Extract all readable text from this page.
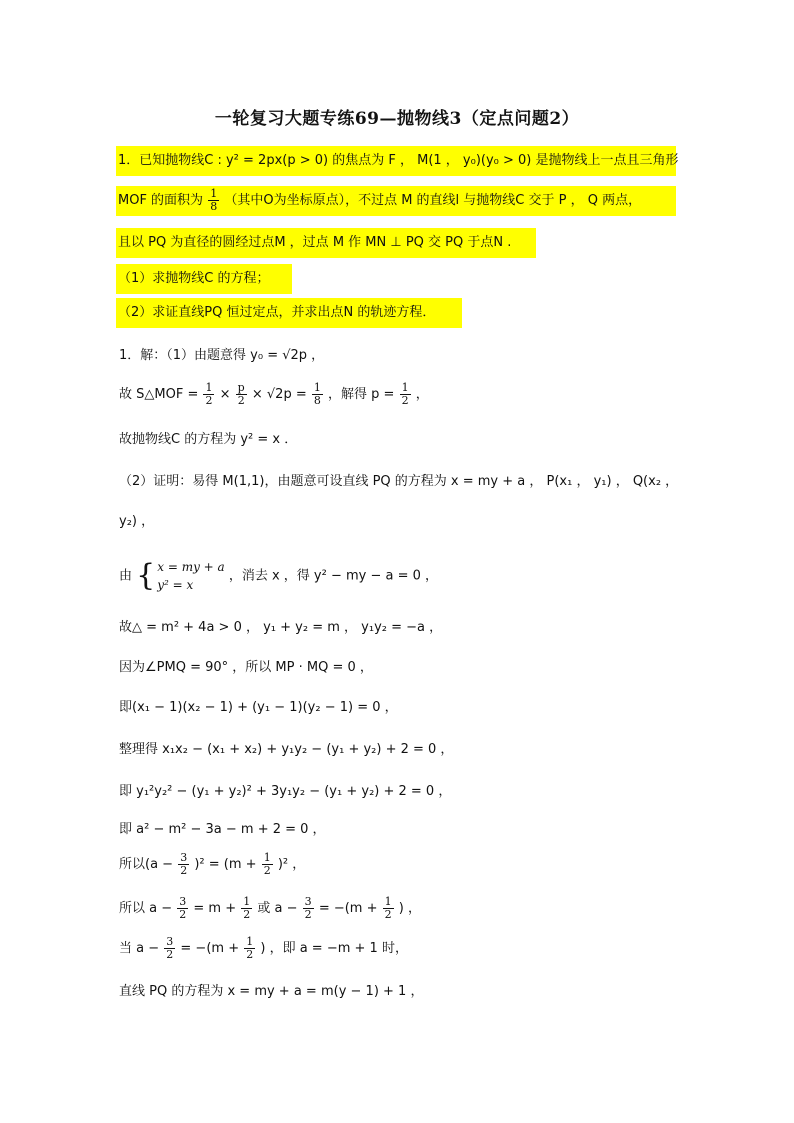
一轮复习大题专练69—抛物线3（定点问题2）
1．已知抛物线C : y² = 2px(p > 0) 的焦点为 F ， M(1 ， y₀)(y₀ > 0) 是抛物线上一点且三角形
MOF 的面积为 $\frac{1}{8}$ （其中O为坐标原点），不过点 M 的直线l 与抛物线C 交于 P ， Q 两点，
且以 PQ 为直径的圆经过点M ，过点 M 作 MN ⊥ PQ 交 PQ 于点N .
（1）求抛物线C 的方程；
（2）求证直线PQ 恒过定点，并求出点N 的轨迹方程．
1．解：（1）由题意得 y₀ = √2p ，
故 S△MOF = $\frac{1}{2} \times \frac{p}{2} \times √2p = \frac{1}{8}$ ，解得 $p = \frac{1}{2}$ ，
故抛物线C 的方程为 y² = x ．
（2）证明：易得 M(1,1)，由题意可设直线 PQ 的方程为 x = my + a ， P(x₁ ， y₁) ， Q(x₂ ，
y₂) ，
由 { x = my + a
y² = x
，消去 x ，得 y² − my − a = 0 ，
故△ = m² + 4a > 0 ， y₁ + y₂ = m ， y₁y₂ = −a ，
因为∠PMQ = 90° ，所以 MP · MQ = 0 ，
即(x₁ − 1)(x₂ − 1) + (y₁ − 1)(y₂ − 1) = 0 ，
整理得 x₁x₂ − (x₁ + x₂) + y₁y₂ − (y₁ + y₂) + 2 = 0 ，
即 y₁²y₂² − (y₁ + y₂)² + 3y₁y₂ − (y₁ + y₂) + 2 = 0 ，
即 a² − m² − 3a − m + 2 = 0 ，
所以$(a - \frac{3}{2} )^2 = (m + \frac{1}{2} )^2$ ，
所以 $a - \frac{3}{2} = m + \frac{1}{2}$ 或 $a - \frac{3}{2} = -(m + \frac{1}{2}$ ) ，
当 $a - \frac{3}{2} = -(m + \frac{1}{2}$ ) ，即 a = −m + 1 时，
直线 PQ 的方程为 x = my + a = m(y − 1) + 1 ，
